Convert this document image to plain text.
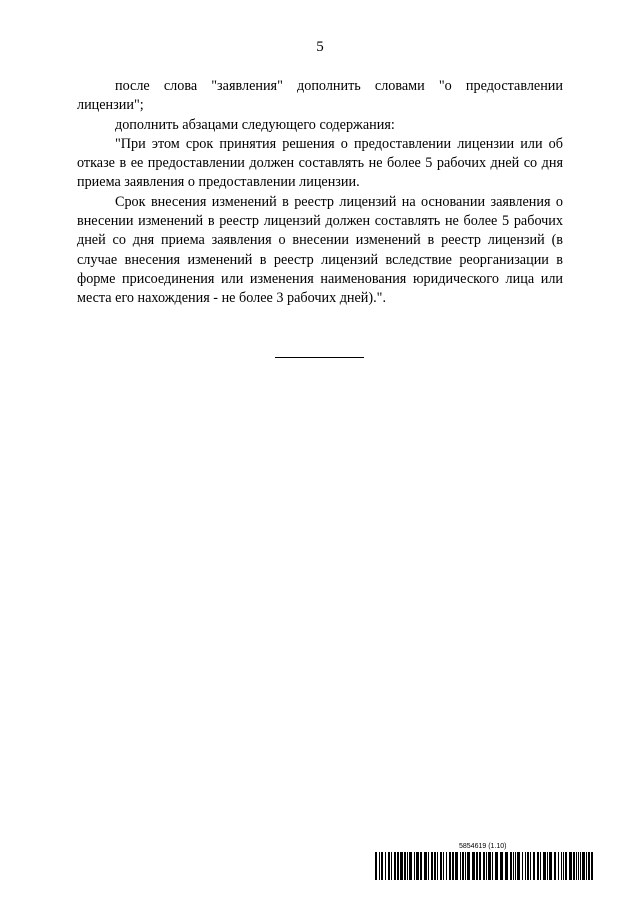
5

после слова "заявления" дополнить словами "о предоставлении лицензии";

дополнить абзацами следующего содержания:

"При этом срок принятия решения о предоставлении лицензии или об отказе в ее предоставлении должен составлять не более 5 рабочих дней со дня приема заявления о предоставлении лицензии.

Срок внесения изменений в реестр лицензий на основании заявления о внесении изменений в реестр лицензий должен составлять не более 5 рабочих дней со дня приема заявления о внесении изменений в реестр лицензий (в случае внесения изменений в реестр лицензий вследствие реорганизации в форме присоединения или изменения наименования юридического лица или места его нахождения - не более 3 рабочих дней).".

5854619 (1.10)
